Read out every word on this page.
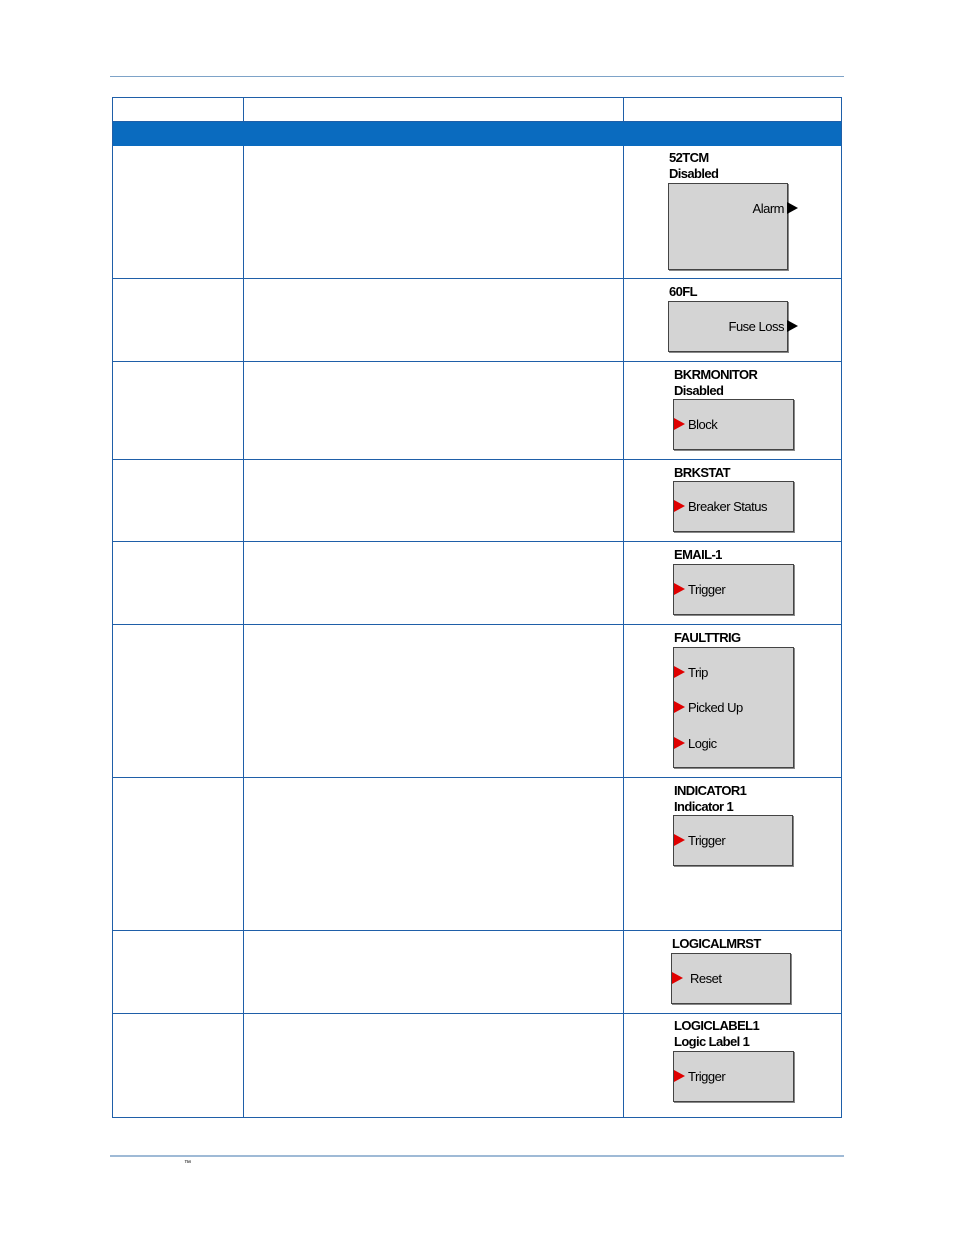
52TCM
Disabled
Alarm
60FL
Fuse Loss
BKRMONITOR
Disabled
Block
BRKSTAT
Breaker Status
EMAIL-1
Trigger
FAULTTRIG
Trip
Picked Up
Logic
INDICATOR1
Indicator 1
Trigger
LOGICALMRST
Reset
LOGICLABEL1
Logic Label 1
Trigger
™
